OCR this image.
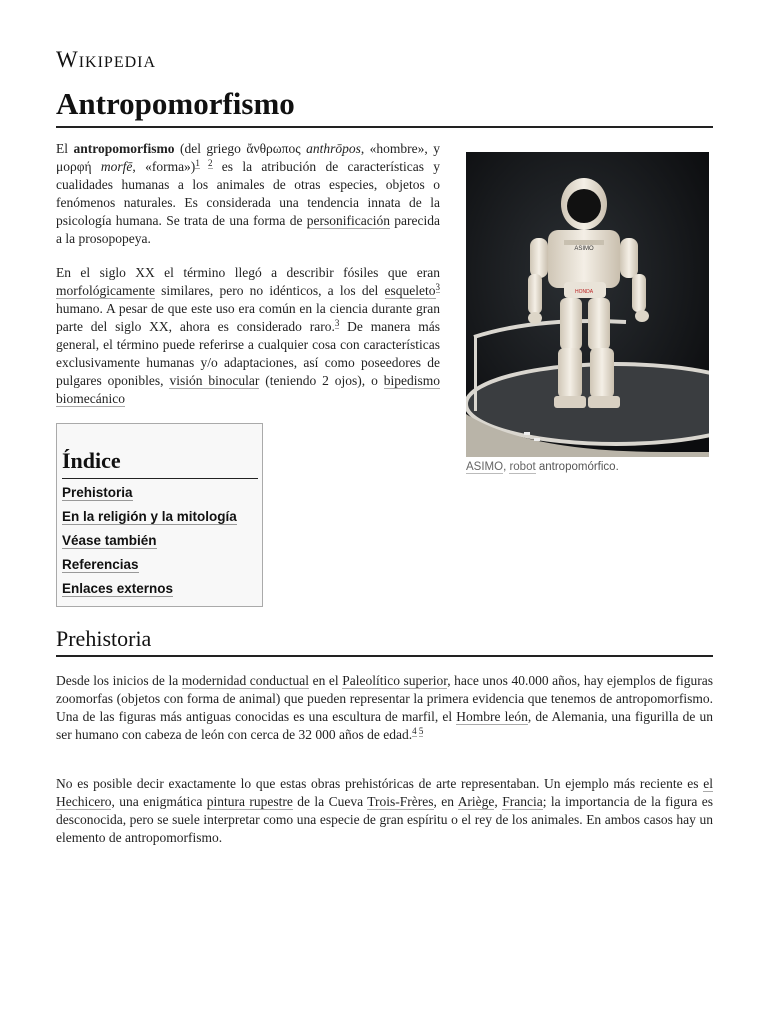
Wikipedia
Antropomorfismo

El antropomorfismo (del griego ἄνθρωπος anthrōpos, «hombre», y μορφή morfē, «forma»)$^{1 2}$ es la atribución de características y cualidades humanas a los animales de otras especies, objetos o fenómenos naturales. Es considerada una tendencia innata de la psicología humana. Se trata de una forma de personificación parecida a la prosopopeya.

En el siglo XX el término llegó a describir fósiles que eran morfológicamente similares, pero no idénticos, a los del esqueleto$^3$ humano. A pesar de que este uso era común en la ciencia durante gran parte del siglo XX, ahora es considerado raro.$^3$ De manera más general, el término puede referirse a cualquier cosa con características exclusivamente humanas y/o adaptaciones, así como poseedores de pulgares oponibles, visión binocular (teniendo 2 ojos), o bipedismo biomecánico

ASIMO
HONDA
ASIMO, robot antropomórfico.
Índice
Prehistoria
En la religión y la mitología
Véase también
Referencias
Enlaces externos
Prehistoria

Desde los inicios de la modernidad conductual en el Paleolítico superior, hace unos 40.000 años, hay ejemplos de figuras zoomorfas (objetos con forma de animal) que pueden representar la primera evidencia que tenemos de antropomorfismo. Una de las figuras más antiguas conocidas es una escultura de marfil, el Hombre león, de Alemania, una figurilla de un ser humano con cabeza de león con cerca de 32 000 años de edad.$^{4 5}$

No es posible decir exactamente lo que estas obras prehistóricas de arte representaban. Un ejemplo más reciente es el Hechicero, una enigmática pintura rupestre de la Cueva Trois-Frères, en Ariège, Francia; la importancia de la figura es desconocida, pero se suele interpretar como una especie de gran espíritu o el rey de los animales. En ambos casos hay un elemento de antropomorfismo.
